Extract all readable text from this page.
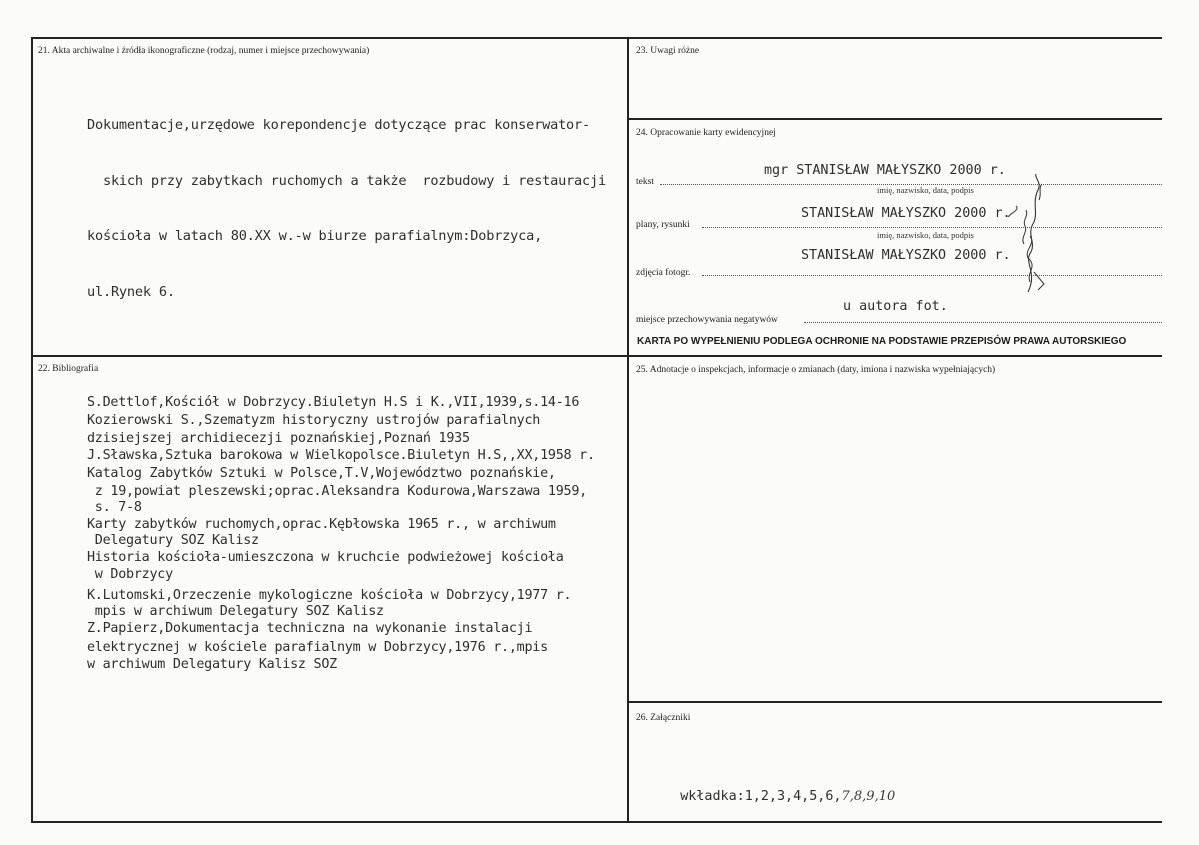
21. Akta archiwalne i źródła ikonograficzne (rodzaj, numer i miejsce przechowywania)

Dokumentacje,urzędowe korepondencje dotyczące prac konserwator-

skich przy zabytkach ruchomych a także  rozbudowy i restauracji

kościoła w latach 80.XX w.-w biurze parafialnym:Dobrzyca,

ul.Rynek 6.

23. Uwagi różne
24. Opracowanie karty ewidencyjnej
tekst
mgr STANISŁAW MAŁYSZKO 2000 r.
imię, nazwisko, data, podpis
plany, rysunki
STANISŁAW MAŁYSZKO 2000 r.
imię, nazwisko, data, podpis
zdjęcia fotogr.
STANISŁAW MAŁYSZKO 2000 r.
miejsce przechowywania negatywów
u autora fot.
KARTA PO WYPEŁNIENIU PODLEGA OCHRONIE NA PODSTAWIE PRZEPISÓW PRAWA AUTORSKIEGO
22. Bibliografia
S.Dettlof,Kościół w Dobrzycy.Biuletyn H.S i K.,VII,1939,s.14-16
Kozierowski S.,Szematyzm historyczny ustrojów parafialnych
dzisiejszej archidiecezji poznańskiej,Poznań 1935
J.Sławska,Sztuka barokowa w Wielkopolsce.Biuletyn H.S,,XX,1958 r.
Katalog Zabytków Sztuki w Polsce,T.V,Województwo poznańskie,
z 19,powiat pleszewski;oprac.Aleksandra Kodurowa,Warszawa 1959,
s. 7-8
Karty zabytków ruchomych,oprac.Kębłowska 1965 r., w archiwum
Delegatury SOZ Kalisz
Historia kościoła-umieszczona w kruchcie podwieżowej kościoła
w Dobrzycy
K.Lutomski,Orzeczenie mykologiczne kościoła w Dobrzycy,1977 r.
mpis w archiwum Delegatury SOZ Kalisz
Z.Papierz,Dokumentacja techniczna na wykonanie instalacji
elektrycznej w kościele parafialnym w Dobrzycy,1976 r.,mpis
w archiwum Delegatury Kalisz SOZ
25. Adnotacje o inspekcjach, informacje o zmianach (daty, imiona i nazwiska wypełniających)
26. Załączniki

wkładka:1,2,3,4,5,6,7,8,9,10
